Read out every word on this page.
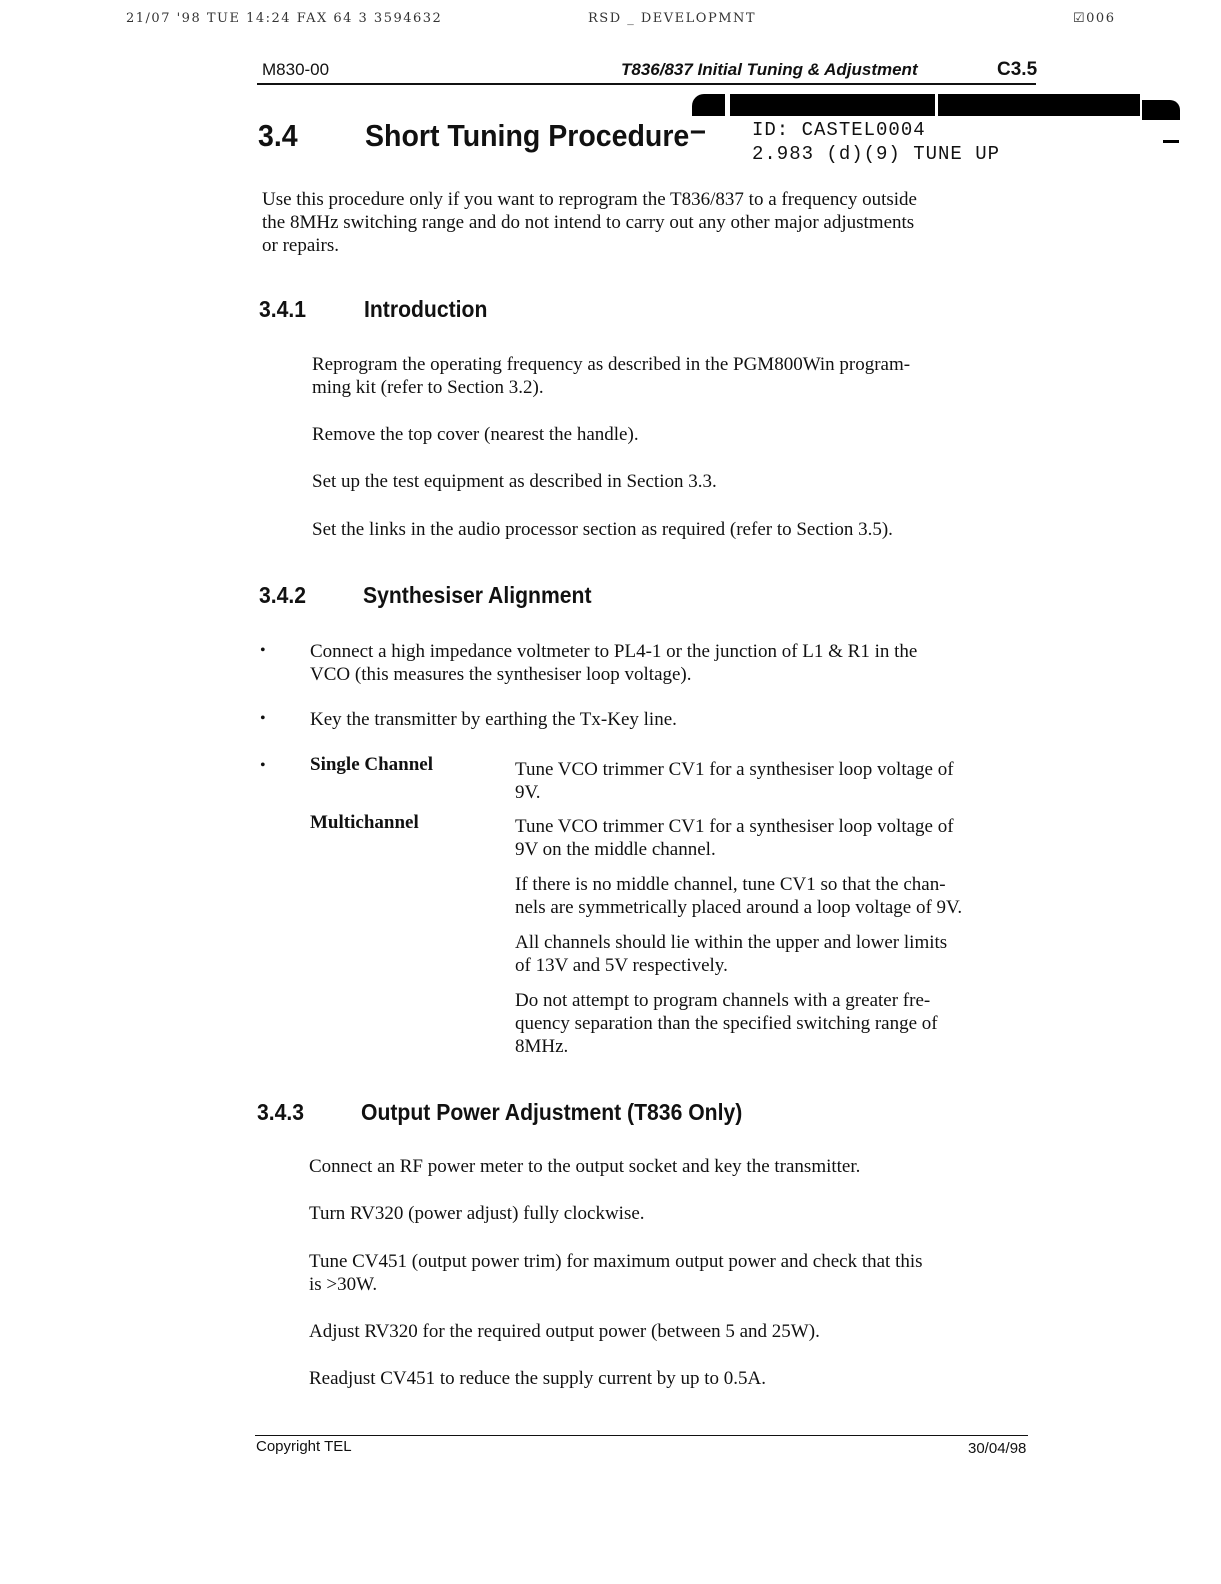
21/07 '98 TUE 14:24 FAX 64 3 3594632	RSD _ DEVELOPMNT	☑006
M830-00	T836/837 Initial Tuning & Adjustment	C3.5
3.4 Short Tuning Procedure – ID: CASTEL0004
2.983 (d)(9) TUNE UP
Use this procedure only if you want to reprogram the T836/837 to a frequency outside
the 8MHz switching range and do not intend to carry out any other major adjustments
or repairs.
3.4.1	Introduction
Reprogram the operating frequency as described in the PGM800Win program-
ming kit (refer to Section 3.2).
Remove the top cover (nearest the handle).
Set up the test equipment as described in Section 3.3.
Set the links in the audio processor section as required (refer to Section 3.5).
3.4.2 Synthesiser Alignment
• Connect a high impedance voltmeter to PL4-1 or the junction of L1 & R1 in the
VCO (this measures the synthesiser loop voltage).
• Key the transmitter by earthing the Tx-Key line.
• Single Channel	Tune VCO trimmer CV1 for a synthesiser loop voltage of
9V.
Multichannel	Tune VCO trimmer CV1 for a synthesiser loop voltage of
9V on the middle channel.
If there is no middle channel, tune CV1 so that the chan-
nels are symmetrically placed around a loop voltage of 9V.
All channels should lie within the upper and lower limits
of 13V and 5V respectively.
Do not attempt to program channels with a greater fre-
quency separation than the specified switching range of
8MHz.
3.4.3 Output Power Adjustment (T836 Only)
Connect an RF power meter to the output socket and key the transmitter.
Turn RV320 (power adjust) fully clockwise.
Tune CV451 (output power trim) for maximum output power and check that this
is >30W.
Adjust RV320 for the required output power (between 5 and 25W).
Readjust CV451 to reduce the supply current by up to 0.5A.
Copyright TEL	30/04/98
